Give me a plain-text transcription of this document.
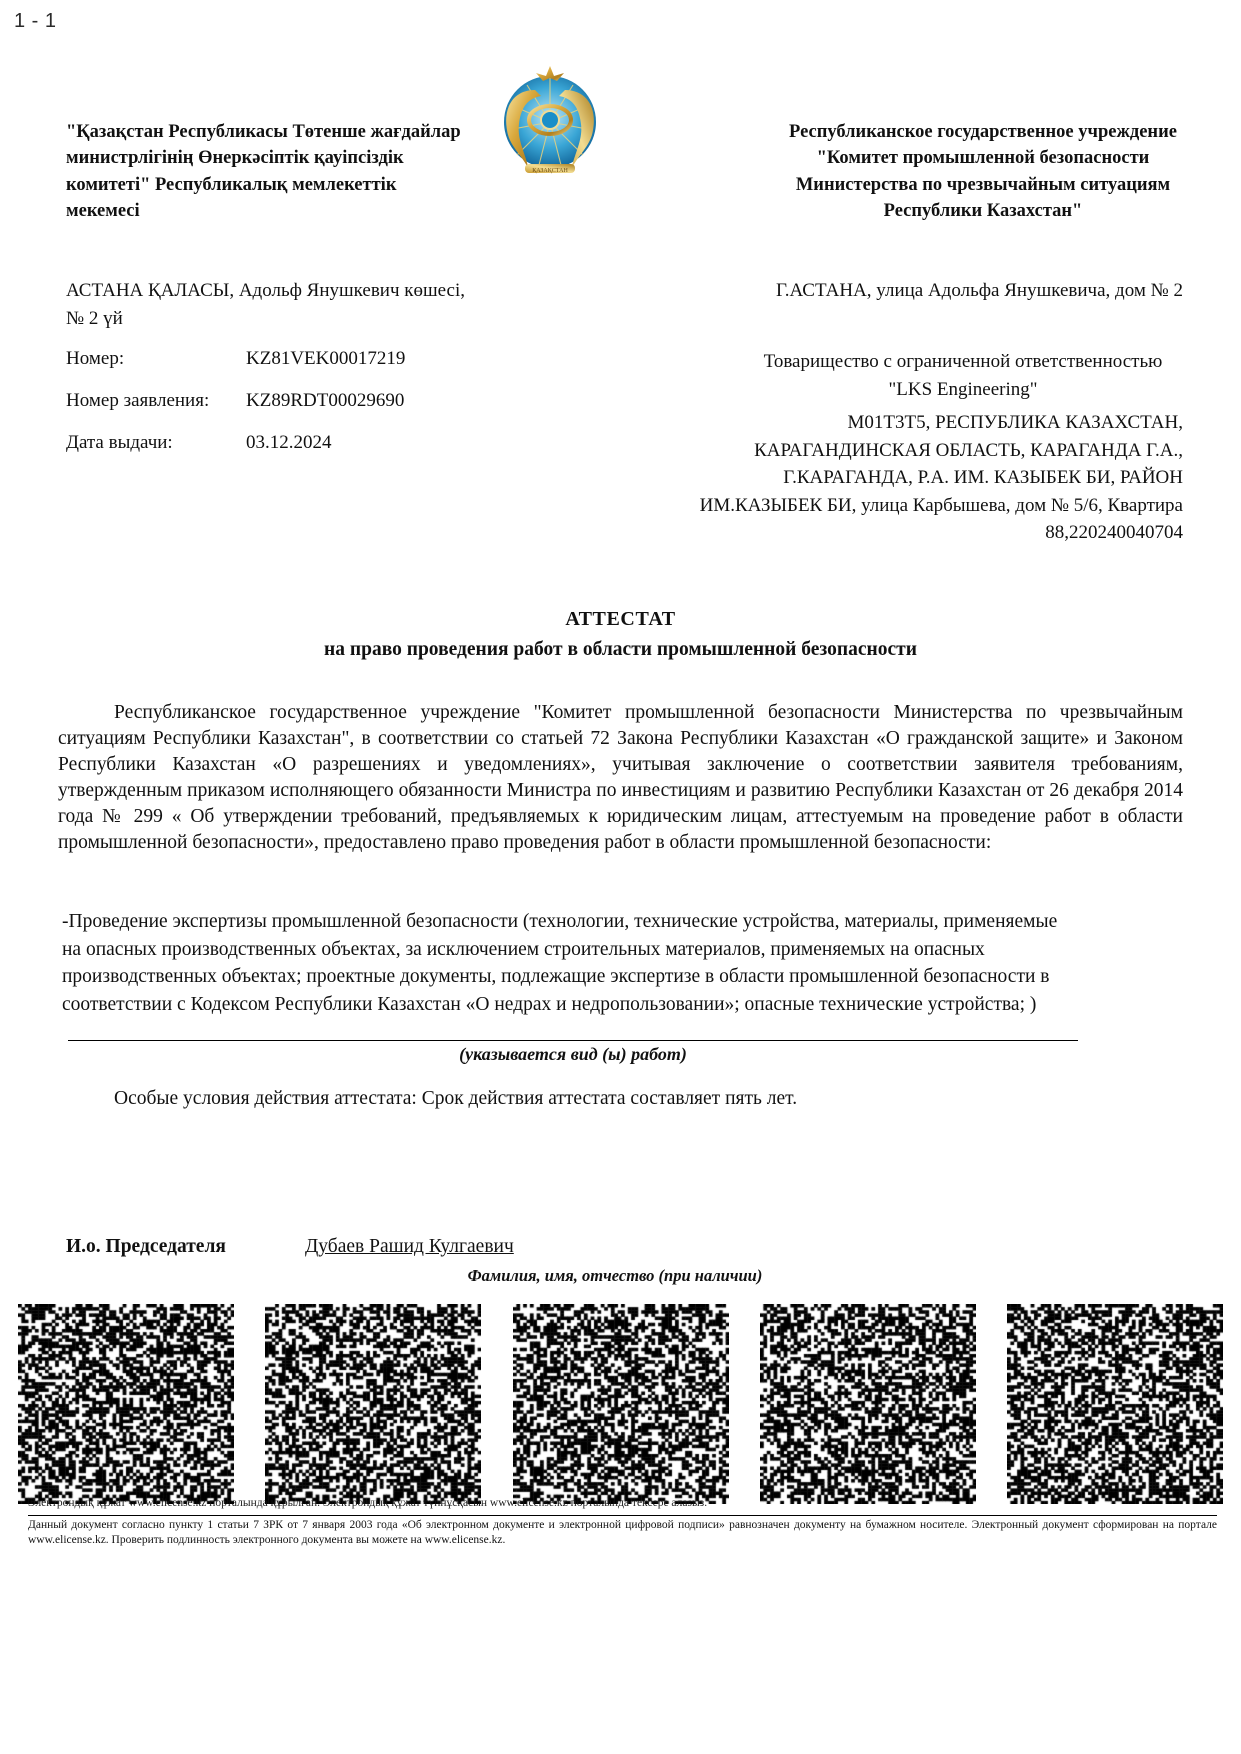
1 - 1
ҚАЗАҚСТАН
"Қазақстан Республикасы Төтенше жағдайлар министрлігінің Өнеркәсіптік қауіпсіздік комитеті" Республикалық мемлекеттік мекемесі
Республиканское государственное учреждение "Комитет промышленной безопасности Министерства по чрезвычайным ситуациям Республики Казахстан"
АСТАНА ҚАЛАСЫ, Адольф Янушкевич көшесі, № 2 үй
Г.АСТАНА, улица Адольфа Янушкевича, дом № 2
Номер:	KZ81VEK00017219
Номер заявления:	KZ89RDT00029690
Дата выдачи:	03.12.2024
Товарищество с ограниченной ответственностью "LKS Engineering"
M01T3T5, РЕСПУБЛИКА КАЗАХСТАН, КАРАГАНДИНСКАЯ ОБЛАСТЬ, КАРАГАНДА Г.А., Г.КАРАГАНДА, Р.А. ИМ. КАЗЫБЕК БИ, РАЙОН ИМ.КАЗЫБЕК БИ, улица Карбышева, дом № 5/6, Квартира 88,220240040704
АТТЕСТАТ
на право проведения работ в области промышленной безопасности
Республиканское государственное учреждение "Комитет промышленной безопасности Министерства по чрезвычайным ситуациям Республики Казахстан", в соответствии со статьей 72 Закона Республики Казахстан «О гражданской защите» и Законом Республики Казахстан «О разрешениях и уведомлениях», учитывая заключение о соответствии заявителя требованиям, утвержденным приказом исполняющего обязанности Министра по инвестициям и развитию Республики Казахстан от 26 декабря 2014 года № 299 « Об утверждении требований, предъявляемых к юридическим лицам, аттестуемым на проведение работ в области промышленной безопасности», предоставлено право проведения работ в области промышленной безопасности:
-Проведение экспертизы промышленной безопасности (технологии, технические устройства, материалы, применяемые на опасных производственных объектах, за исключением строительных материалов, применяемых на опасных производственных объектах; проектные документы, подлежащие экспертизе в области промышленной безопасности в соответствии с Кодексом Республики Казахстан «О недрах и недропользовании»; опасные технические устройства; )
(указывается вид (ы) работ)
Особые условия действия аттестата: Срок действия аттестата составляет пять лет.
И.о. Председателя	Дубаев Рашид Кулгаевич
Фамилия, имя, отчество (при наличии)
Электрондық құжат www.elicense.kz порталында құрылған. Электрондық құжат түпнұсқасын www.elicense.kz порталында тексере алasыз.
Данный документ согласно пункту 1 статьи 7 ЗРК от 7 января 2003 года «Об электронном документе и электронной цифровой подписи» равнозначен документу на бумажном носителе. Электронный документ сформирован на портале www.elicense.kz. Проверить подлинность электронного документа вы можете на www.elicense.kz.
